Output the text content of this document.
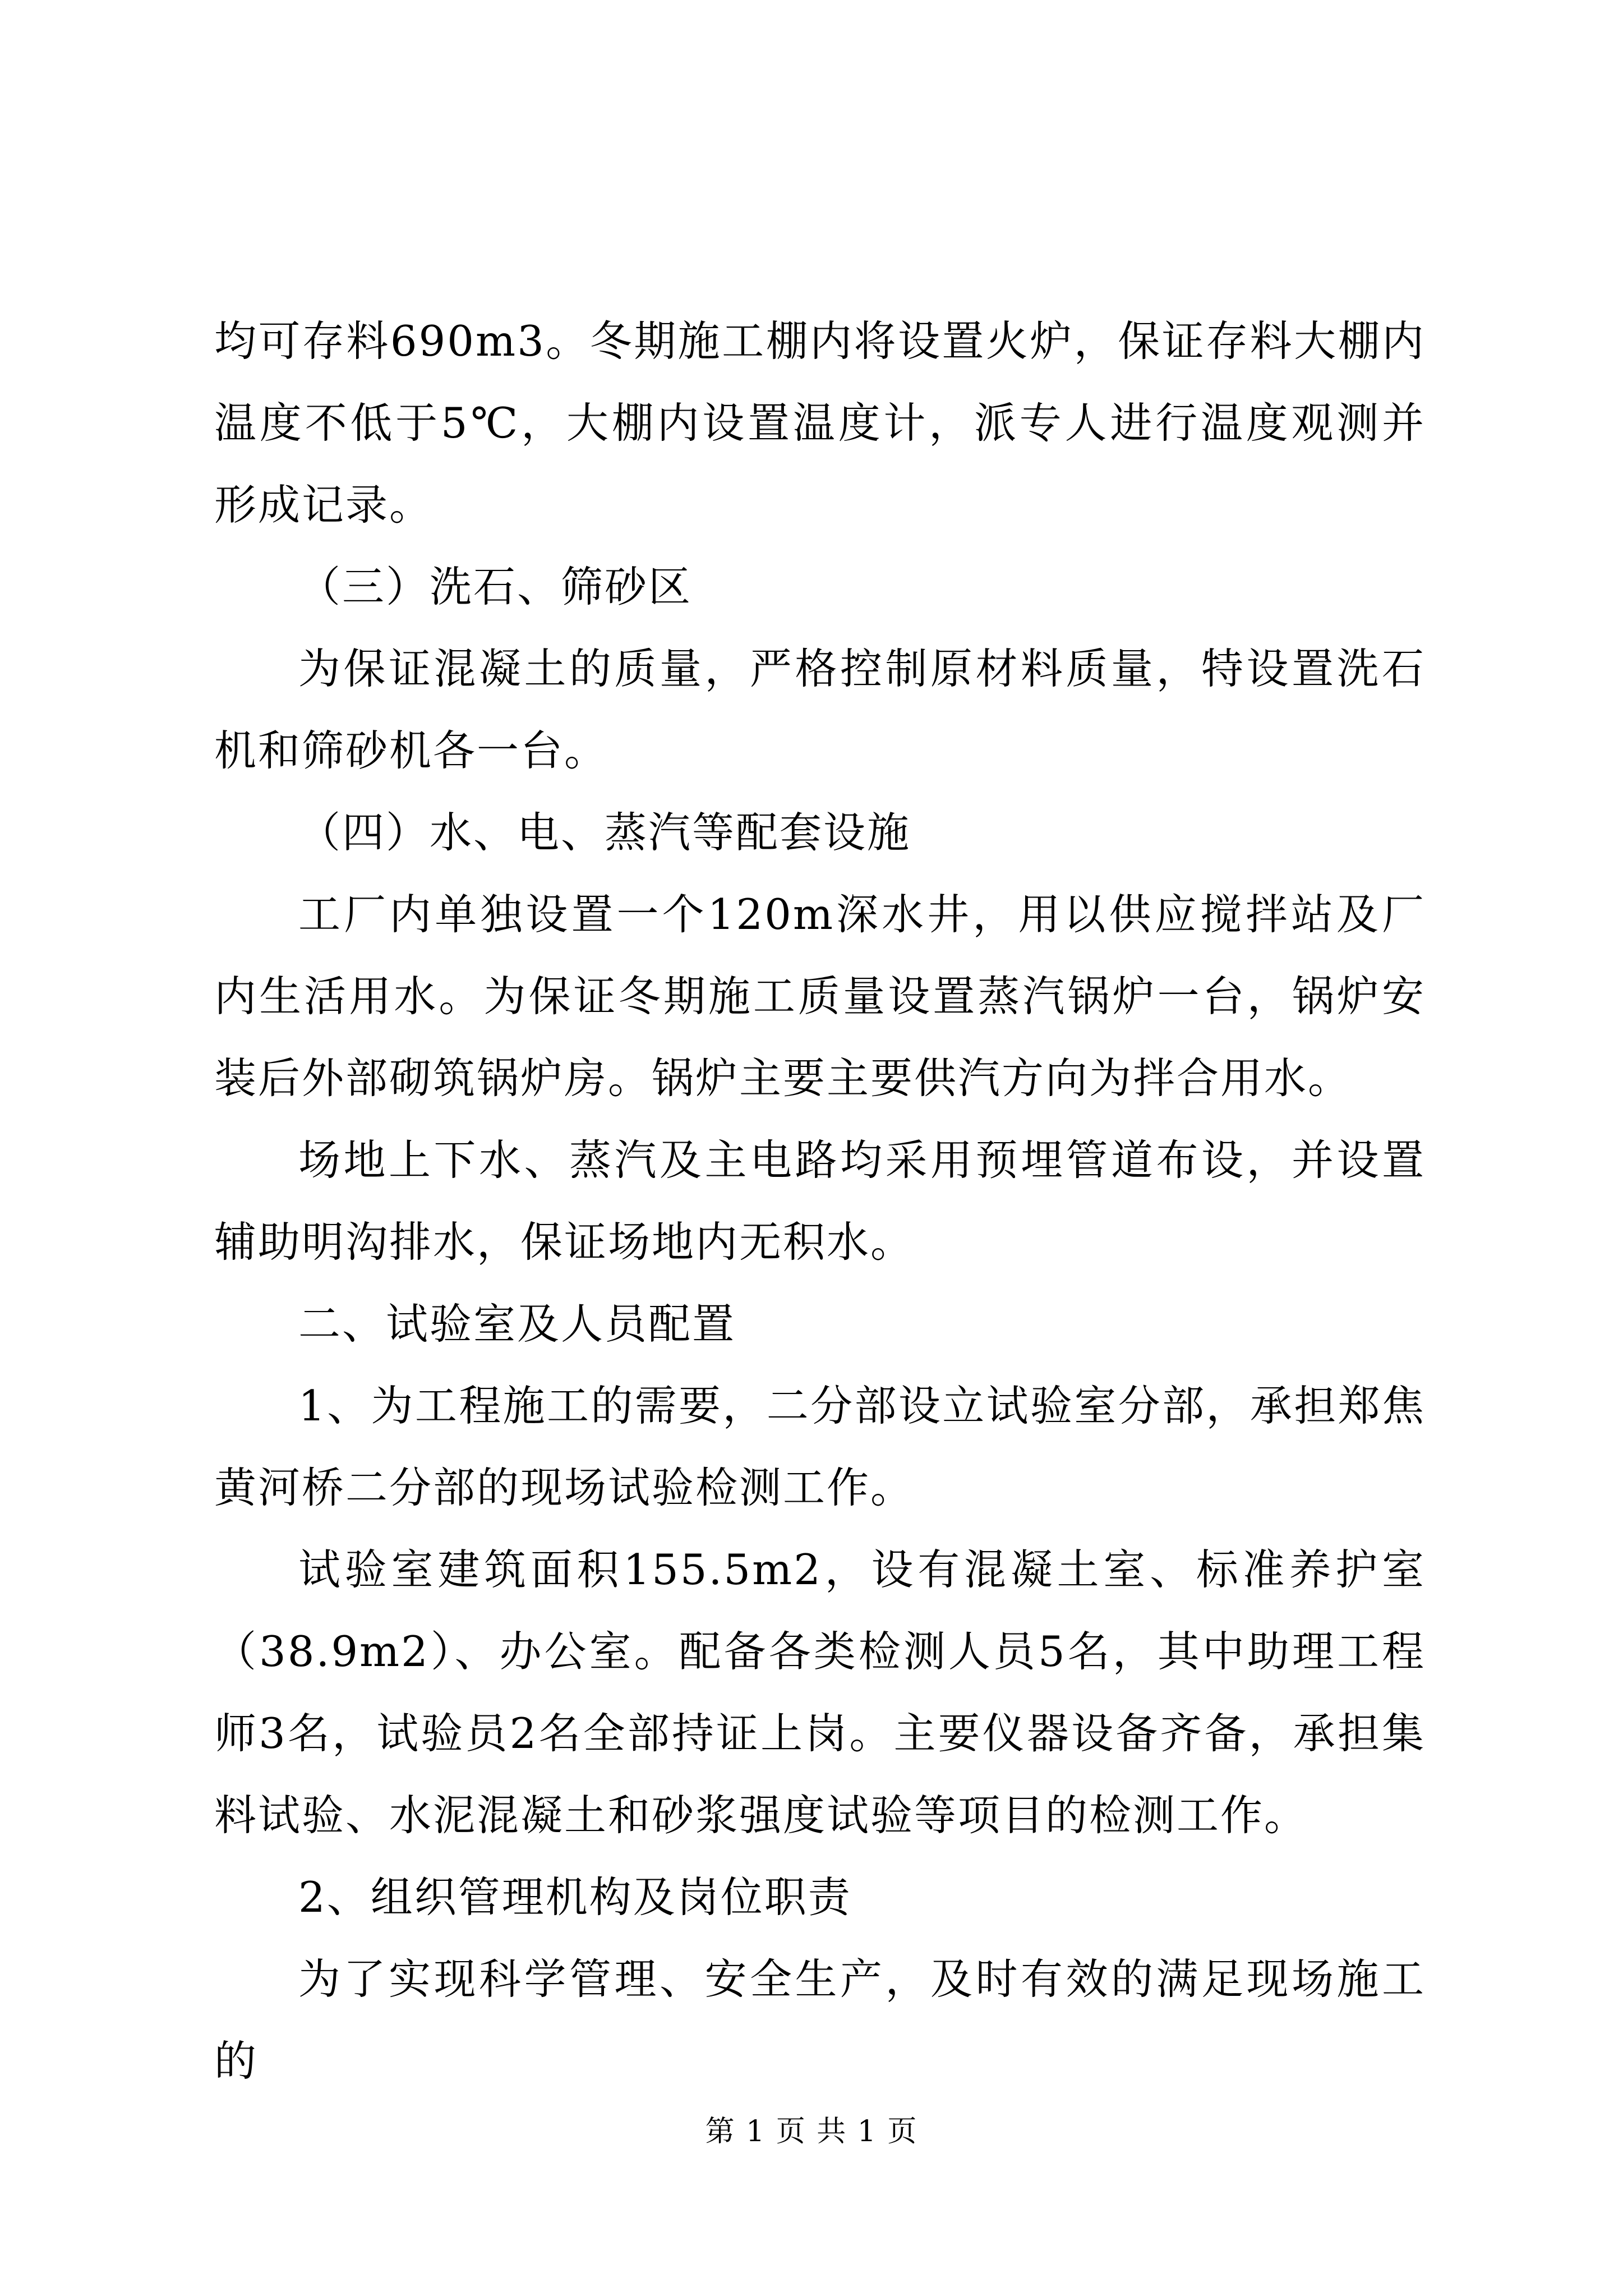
均可存料690m3。冬期施工棚内将设置火炉，保证存料大棚内温度不低于5℃，大棚内设置温度计，派专人进行温度观测并形成记录。

（三）洗石、筛砂区

为保证混凝土的质量，严格控制原材料质量，特设置洗石机和筛砂机各一台。

（四）水、电、蒸汽等配套设施

工厂内单独设置一个120m深水井，用以供应搅拌站及厂内生活用水。为保证冬期施工质量设置蒸汽锅炉一台，锅炉安装后外部砌筑锅炉房。锅炉主要主要供汽方向为拌合用水。

场地上下水、蒸汽及主电路均采用预埋管道布设，并设置辅助明沟排水，保证场地内无积水。

二、试验室及人员配置

1、为工程施工的需要，二分部设立试验室分部，承担郑焦黄河桥二分部的现场试验检测工作。

试验室建筑面积155.5m2，设有混凝土室、标准养护室（38.9m2）、办公室。配备各类检测人员5名，其中助理工程师3名，试验员2名全部持证上岗。主要仪器设备齐备，承担集料试验、水泥混凝土和砂浆强度试验等项目的检测工作。

2、组织管理机构及岗位职责

为了实现科学管理、安全生产，及时有效的满足现场施工的

第 1 页 共 1 页
